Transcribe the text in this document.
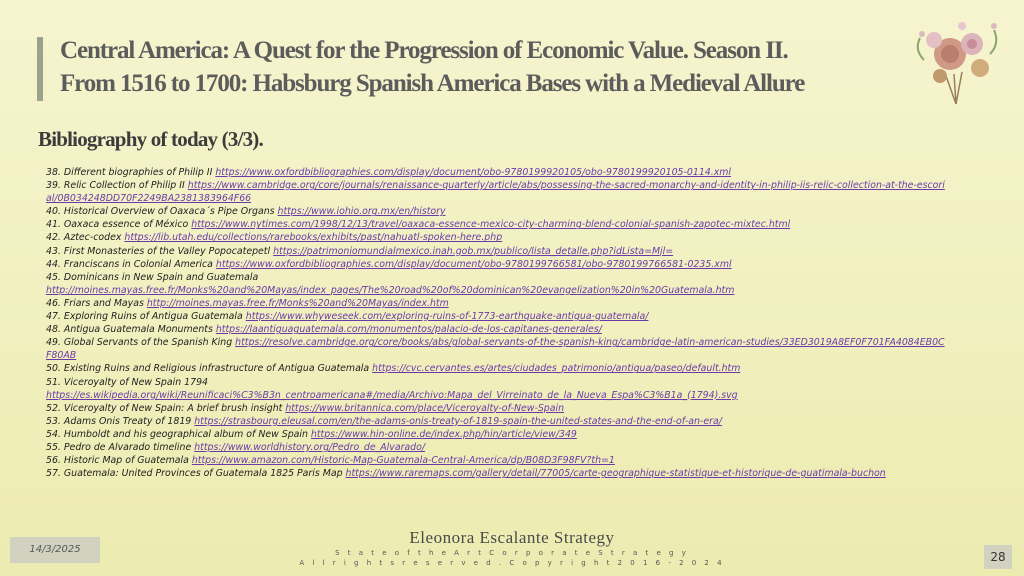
Central America: A Quest for the Progression of Economic Value. Season II.
From 1516 to 1700: Habsburg Spanish America Bases with a Medieval Allure
Bibliography of today (3/3).
38. Different biographies of Philip II https://www.oxfordbibliographies.com/display/document/obo-9780199920105/obo-9780199920105-0114.xml
39. Relic Collection of Philip II https://www.cambridge.org/core/journals/renaissance-quarterly/article/abs/possessing-the-sacred-monarchy-and-identity-in-philip-iis-relic-collection-at-the-escorial/0B034248DD70F2249BA2381383964F66
40. Historical Overview of Oaxaca´s Pipe Organs https://www.iohio.org.mx/en/history
41. Oaxaca essence of México https://www.nytimes.com/1998/12/13/travel/oaxaca-essence-mexico-city-charming-blend-colonial-spanish-zapotec-mixtec.html
42. Aztec-codex https://lib.utah.edu/collections/rarebooks/exhibits/past/nahuatl-spoken-here.php
43. First Monasteries of the Valley Popocatepetl https://patrimoniomundialmexico.inah.gob.mx/publico/lista_detalle.php?idLista=Mjl=
44. Franciscans in Colonial America https://www.oxfordbibliographies.com/display/document/obo-9780199766581/obo-9780199766581-0235.xml
45. Dominicans in New Spain and Guatemala
http://moines.mayas.free.fr/Monks%20and%20Mayas/index_pages/The%20road%20of%20dominican%20evangelization%20in%20Guatemala.htm
46. Friars and Mayas http://moines.mayas.free.fr/Monks%20and%20Mayas/index.htm
47. Exploring Ruins of Antigua Guatemala https://www.whyweseek.com/exploring-ruins-of-1773-earthquake-antigua-guatemala/
48. Antigua Guatemala Monuments https://laantiguaguatemala.com/monumentos/palacio-de-los-capitanes-generales/
49. Global Servants of the Spanish King https://resolve.cambridge.org/core/books/abs/global-servants-of-the-spanish-king/cambridge-latin-american-studies/33ED3019A8EF0F701FA4084EB0CF80AB
50. Existing Ruins and Religious infrastructure of Antigua Guatemala https://cvc.cervantes.es/artes/ciudades_patrimonio/antigua/paseo/default.htm
51. Viceroyalty of New Spain 1794
https://es.wikipedia.org/wiki/Reunificaci%C3%B3n_centroamericana#/media/Archivo:Mapa_del_Virreinato_de_la_Nueva_Espa%C3%B1a_(1794).svg
52. Viceroyalty of New Spain: A brief brush insight https://www.britannica.com/place/Viceroyalty-of-New-Spain
53. Adams Onis Treaty of 1819 https://strasbourg.eleusal.com/en/the-adams-onis-treaty-of-1819-spain-the-united-states-and-the-end-of-an-era/
54. Humboldt and his geographical album of New Spain https://www.hin-online.de/index.php/hin/article/view/349
55. Pedro de Alvarado timeline https://www.worldhistory.org/Pedro_de_Alvarado/
56. Historic Map of Guatemala https://www.amazon.com/Historic-Map-Guatemala-Central-America/dp/B08D3F98FV?th=1
57. Guatemala: United Provinces of Guatemala 1825 Paris Map https://www.raremaps.com/gallery/detail/77005/carte-geographique-statistique-et-historique-de-guatimala-buchon
Eleonora Escalante Strategy
S t a t e o f t h e A r t C o r p o r a t e S t r a t e g y
A l l r i g h t s r e s e r v e d . C o p y r i g h t 2 0 1 6 - 2 0 2 4
14/3/2025
28
